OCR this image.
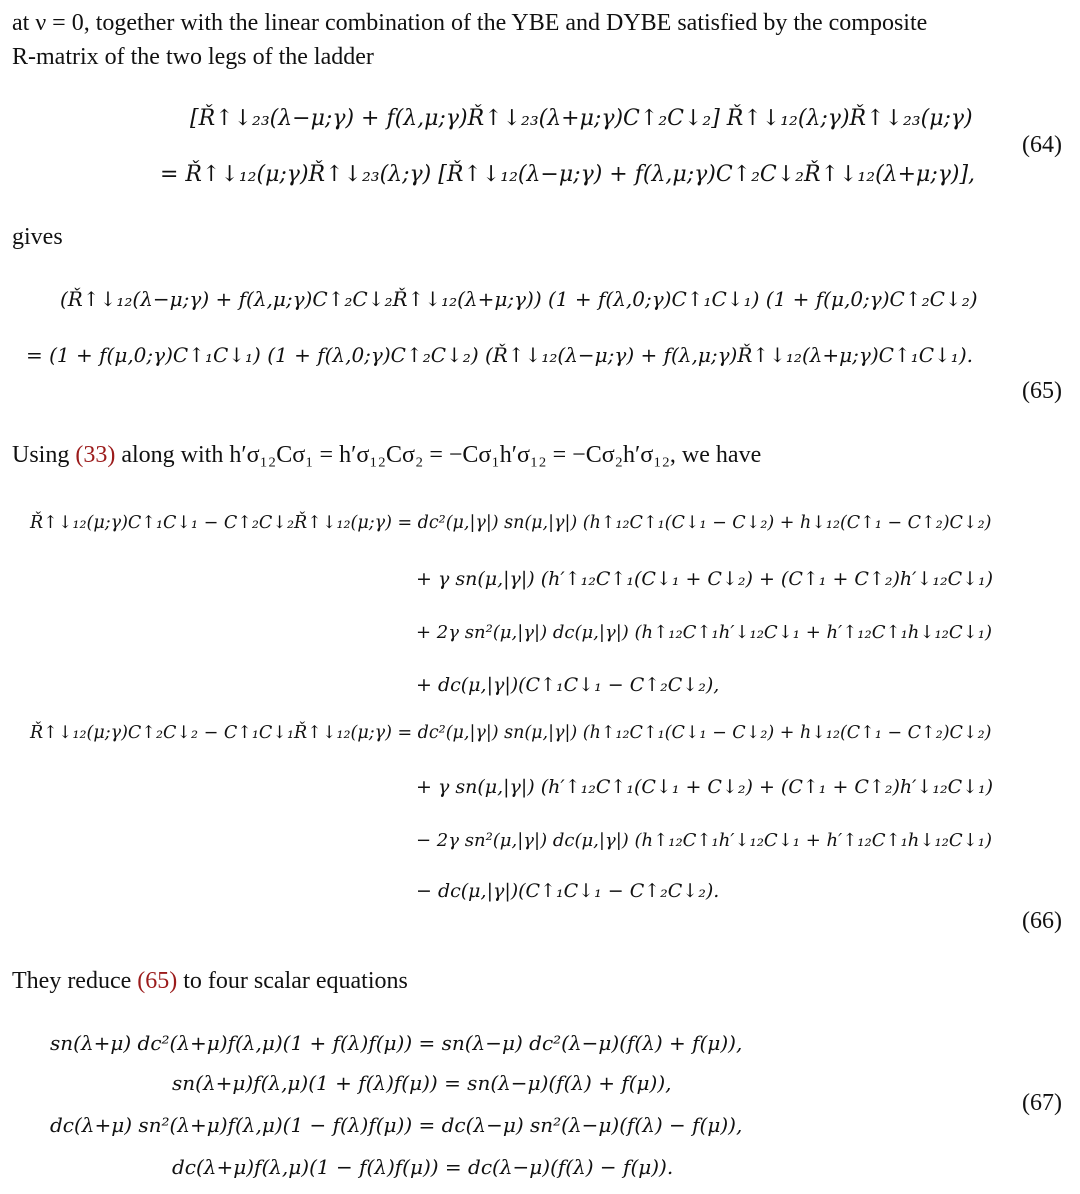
at ν = 0, together with the linear combination of the YBE and DYBE satisfied by the composite
R-matrix of the two legs of the ladder
[Ř↑↓₂₃(λ−μ;γ) + f(λ,μ;γ)Ř↑↓₂₃(λ+μ;γ)C↑₂C↓₂] Ř↑↓₁₂(λ;γ)Ř↑↓₂₃(μ;γ)
= Ř↑↓₁₂(μ;γ)Ř↑↓₂₃(λ;γ) [Ř↑↓₁₂(λ−μ;γ) + f(λ,μ;γ)C↑₂C↓₂Ř↑↓₁₂(λ+μ;γ)],
(64)
gives
(Ř↑↓₁₂(λ−μ;γ) + f(λ,μ;γ)C↑₂C↓₂Ř↑↓₁₂(λ+μ;γ)) (1 + f(λ,0;γ)C↑₁C↓₁) (1 + f(μ,0;γ)C↑₂C↓₂)
= (1 + f(μ,0;γ)C↑₁C↓₁) (1 + f(λ,0;γ)C↑₂C↓₂) (Ř↑↓₁₂(λ−μ;γ) + f(λ,μ;γ)Ř↑↓₁₂(λ+μ;γ)C↑₁C↓₁).
(65)
Using (33) along with h′σ₁₂Cσ₁ = h′σ₁₂Cσ₂ = −Cσ₁h′σ₁₂ = −Cσ₂h′σ₁₂, we have
Ř↑↓₁₂(μ;γ)C↑₁C↓₁ − C↑₂C↓₂Ř↑↓₁₂(μ;γ) = dc²(μ,|γ|) sn(μ,|γ|) (h↑₁₂C↑₁(C↓₁ − C↓₂) + h↓₁₂(C↑₁ − C↑₂)C↓₂)
+ γ sn(μ,|γ|) (h′↑₁₂C↑₁(C↓₁ + C↓₂) + (C↑₁ + C↑₂)h′↓₁₂C↓₁)
+ 2γ sn²(μ,|γ|) dc(μ,|γ|) (h↑₁₂C↑₁h′↓₁₂C↓₁ + h′↑₁₂C↑₁h↓₁₂C↓₁)
+ dc(μ,|γ|)(C↑₁C↓₁ − C↑₂C↓₂),
Ř↑↓₁₂(μ;γ)C↑₂C↓₂ − C↑₁C↓₁Ř↑↓₁₂(μ;γ) = dc²(μ,|γ|) sn(μ,|γ|) (h↑₁₂C↑₁(C↓₁ − C↓₂) + h↓₁₂(C↑₁ − C↑₂)C↓₂)
+ γ sn(μ,|γ|) (h′↑₁₂C↑₁(C↓₁ + C↓₂) + (C↑₁ + C↑₂)h′↓₁₂C↓₁)
− 2γ sn²(μ,|γ|) dc(μ,|γ|) (h↑₁₂C↑₁h′↓₁₂C↓₁ + h′↑₁₂C↑₁h↓₁₂C↓₁)
− dc(μ,|γ|)(C↑₁C↓₁ − C↑₂C↓₂).
(66)
They reduce (65) to four scalar equations
sn(λ+μ) dc²(λ+μ)f(λ,μ)(1 + f(λ)f(μ)) = sn(λ−μ) dc²(λ−μ)(f(λ) + f(μ)),
sn(λ+μ)f(λ,μ)(1 + f(λ)f(μ)) = sn(λ−μ)(f(λ) + f(μ)),
dc(λ+μ) sn²(λ+μ)f(λ,μ)(1 − f(λ)f(μ)) = dc(λ−μ) sn²(λ−μ)(f(λ) − f(μ)),
dc(λ+μ)f(λ,μ)(1 − f(λ)f(μ)) = dc(λ−μ)(f(λ) − f(μ)).
(67)
